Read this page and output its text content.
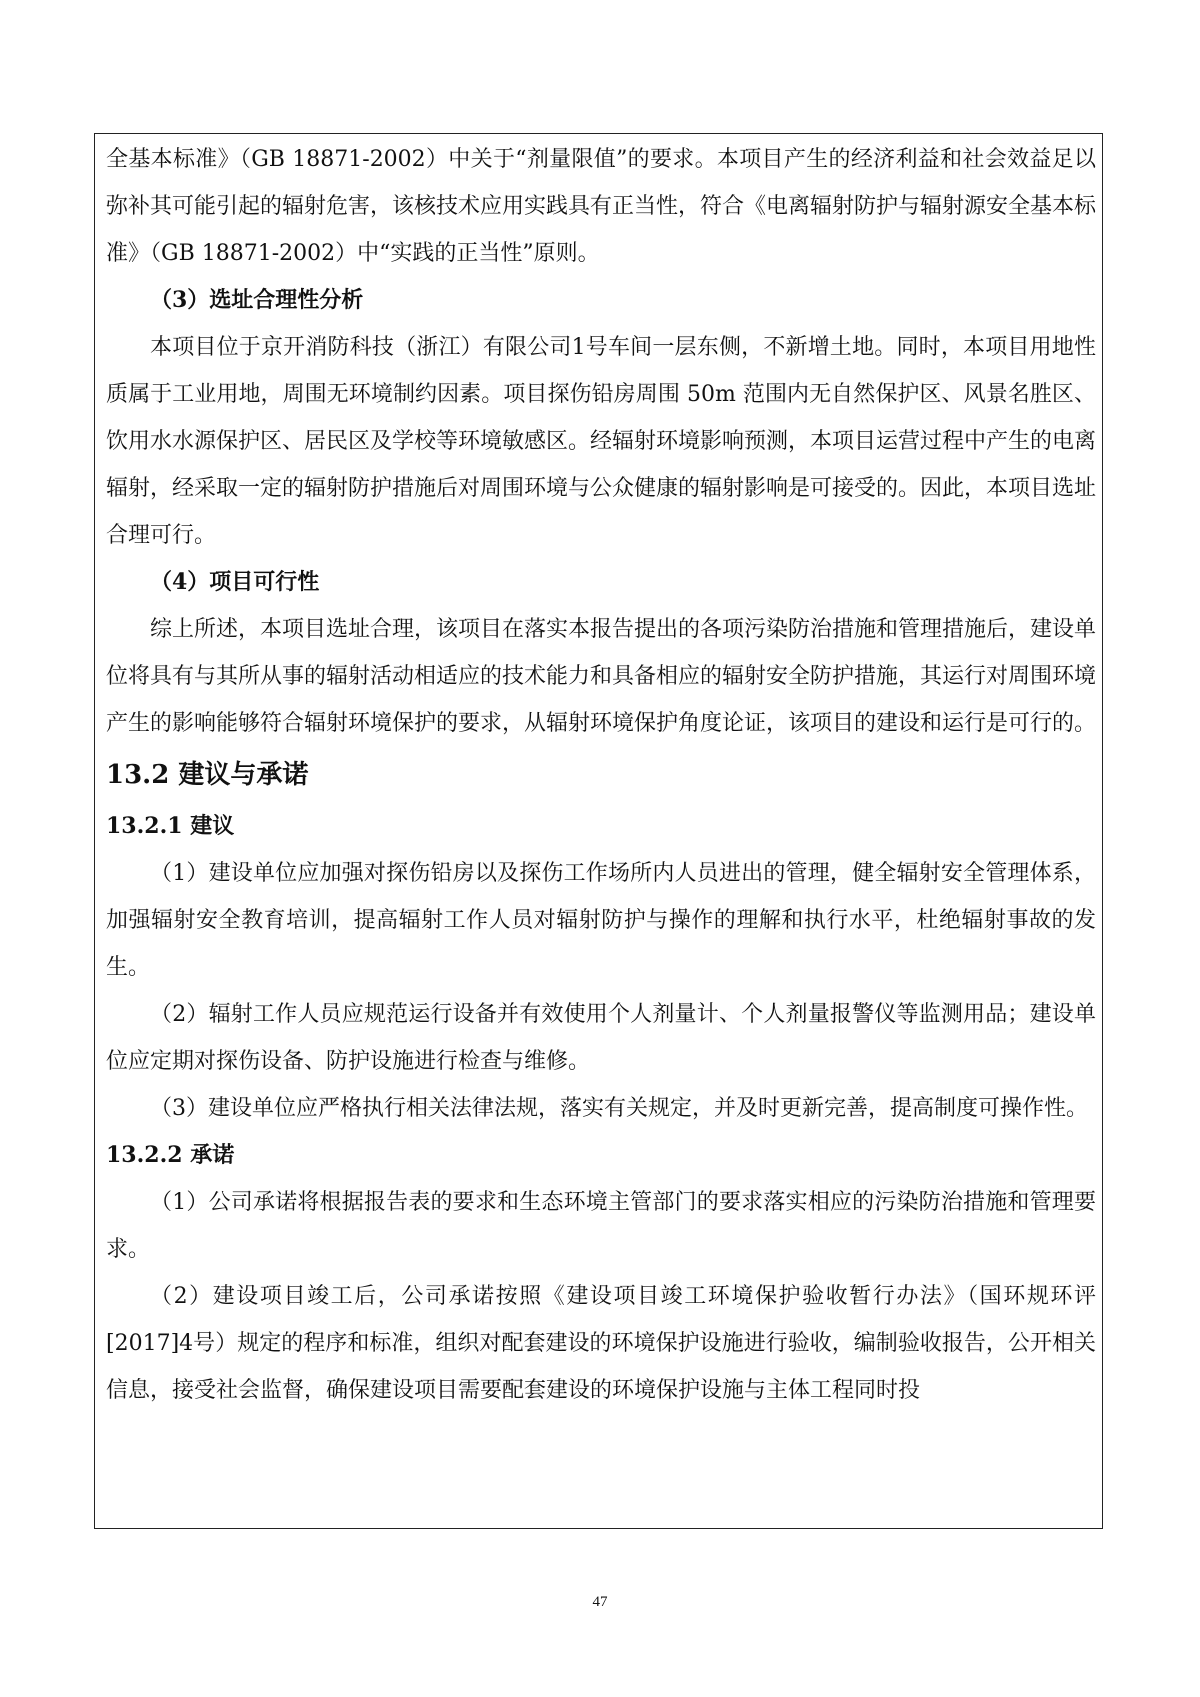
全基本标准》（GB 18871-2002）中关于“剂量限值”的要求。本项目产生的经济利益和社会效益足以弥补其可能引起的辐射危害，该核技术应用实践具有正当性，符合《电离辐射防护与辐射源安全基本标准》（GB 18871-2002）中“实践的正当性”原则。

（3）选址合理性分析

本项目位于京开消防科技（浙江）有限公司1号车间一层东侧，不新增土地。同时，本项目用地性质属于工业用地，周围无环境制约因素。项目探伤铅房周围 50m 范围内无自然保护区、风景名胜区、饮用水水源保护区、居民区及学校等环境敏感区。经辐射环境影响预测，本项目运营过程中产生的电离辐射，经采取一定的辐射防护措施后对周围环境与公众健康的辐射影响是可接受的。因此，本项目选址合理可行。

（4）项目可行性

综上所述，本项目选址合理，该项目在落实本报告提出的各项污染防治措施和管理措施后，建设单位将具有与其所从事的辐射活动相适应的技术能力和具备相应的辐射安全防护措施，其运行对周围环境产生的影响能够符合辐射环境保护的要求，从辐射环境保护角度论证，该项目的建设和运行是可行的。

13.2 建议与承诺

13.2.1 建议

（1）建设单位应加强对探伤铅房以及探伤工作场所内人员进出的管理，健全辐射安全管理体系，加强辐射安全教育培训，提高辐射工作人员对辐射防护与操作的理解和执行水平，杜绝辐射事故的发生。

（2）辐射工作人员应规范运行设备并有效使用个人剂量计、个人剂量报警仪等监测用品；建设单位应定期对探伤设备、防护设施进行检查与维修。

（3）建设单位应严格执行相关法律法规，落实有关规定，并及时更新完善，提高制度可操作性。

13.2.2 承诺

（1）公司承诺将根据报告表的要求和生态环境主管部门的要求落实相应的污染防治措施和管理要求。

（2）建设项目竣工后，公司承诺按照《建设项目竣工环境保护验收暂行办法》（国环规环评[2017]4号）规定的程序和标准，组织对配套建设的环境保护设施进行验收，编制验收报告，公开相关信息，接受社会监督，确保建设项目需要配套建设的环境保护设施与主体工程同时投

47
